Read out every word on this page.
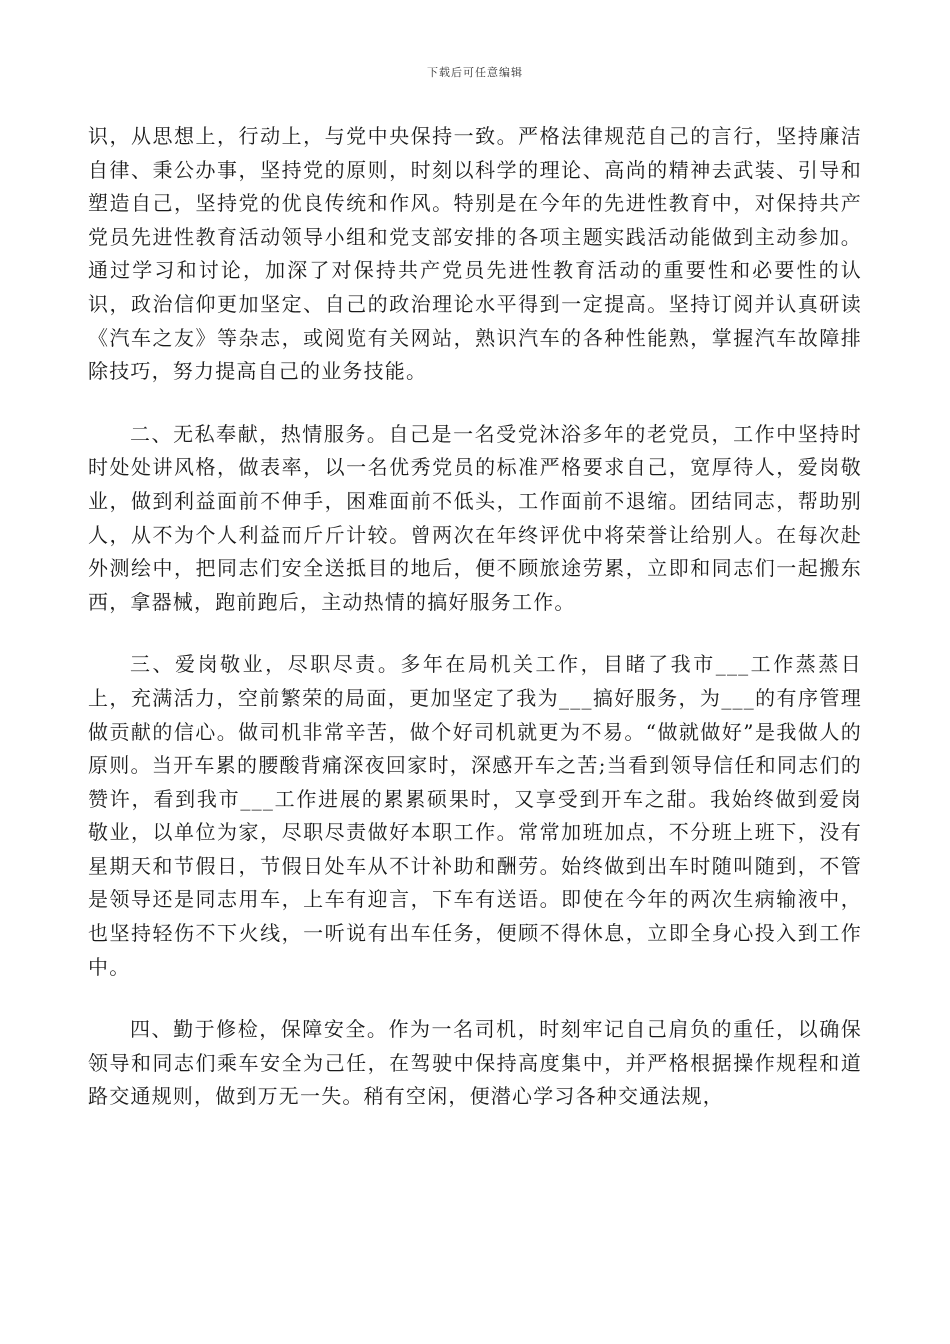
下载后可任意编辑

识，从思想上，行动上，与党中央保持一致。严格法律规范自己的言行，坚持廉洁自律、秉公办事，坚持党的原则，时刻以科学的理论、高尚的精神去武装、引导和塑造自己，坚持党的优良传统和作风。特别是在今年的先进性教育中，对保持共产党员先进性教育活动领导小组和党支部安排的各项主题实践活动能做到主动参加。通过学习和讨论，加深了对保持共产党员先进性教育活动的重要性和必要性的认识，政治信仰更加坚定、自己的政治理论水平得到一定提高。坚持订阅并认真研读《汽车之友》等杂志，或阅览有关网站，熟识汽车的各种性能熟，掌握汽车故障排除技巧，努力提高自己的业务技能。

二、无私奉献，热情服务。自己是一名受党沐浴多年的老党员，工作中坚持时时处处讲风格，做表率，以一名优秀党员的标准严格要求自己，宽厚待人，爱岗敬业，做到利益面前不伸手，困难面前不低头，工作面前不退缩。团结同志，帮助别人，从不为个人利益而斤斤计较。曾两次在年终评优中将荣誉让给别人。在每次赴外测绘中，把同志们安全送抵目的地后，便不顾旅途劳累，立即和同志们一起搬东西，拿器械，跑前跑后，主动热情的搞好服务工作。

三、爱岗敬业，尽职尽责。多年在局机关工作，目睹了我市___工作蒸蒸日上，充满活力，空前繁荣的局面，更加坚定了我为___搞好服务，为___的有序管理做贡献的信心。做司机非常辛苦，做个好司机就更为不易。“做就做好”是我做人的原则。当开车累的腰酸背痛深夜回家时，深感开车之苦;当看到领导信任和同志们的赞许，看到我市___工作进展的累累硕果时，又享受到开车之甜。我始终做到爱岗敬业，以单位为家，尽职尽责做好本职工作。常常加班加点，不分班上班下，没有星期天和节假日，节假日处车从不计补助和酬劳。始终做到出车时随叫随到，不管是领导还是同志用车，上车有迎言，下车有送语。即使在今年的两次生病输液中，也坚持轻伤不下火线，一听说有出车任务，便顾不得休息，立即全身心投入到工作中。

四、勤于修检，保障安全。作为一名司机，时刻牢记自己肩负的重任，以确保领导和同志们乘车安全为己任，在驾驶中保持高度集中，并严格根据操作规程和道路交通规则，做到万无一失。稍有空闲，便潜心学习各种交通法规，
